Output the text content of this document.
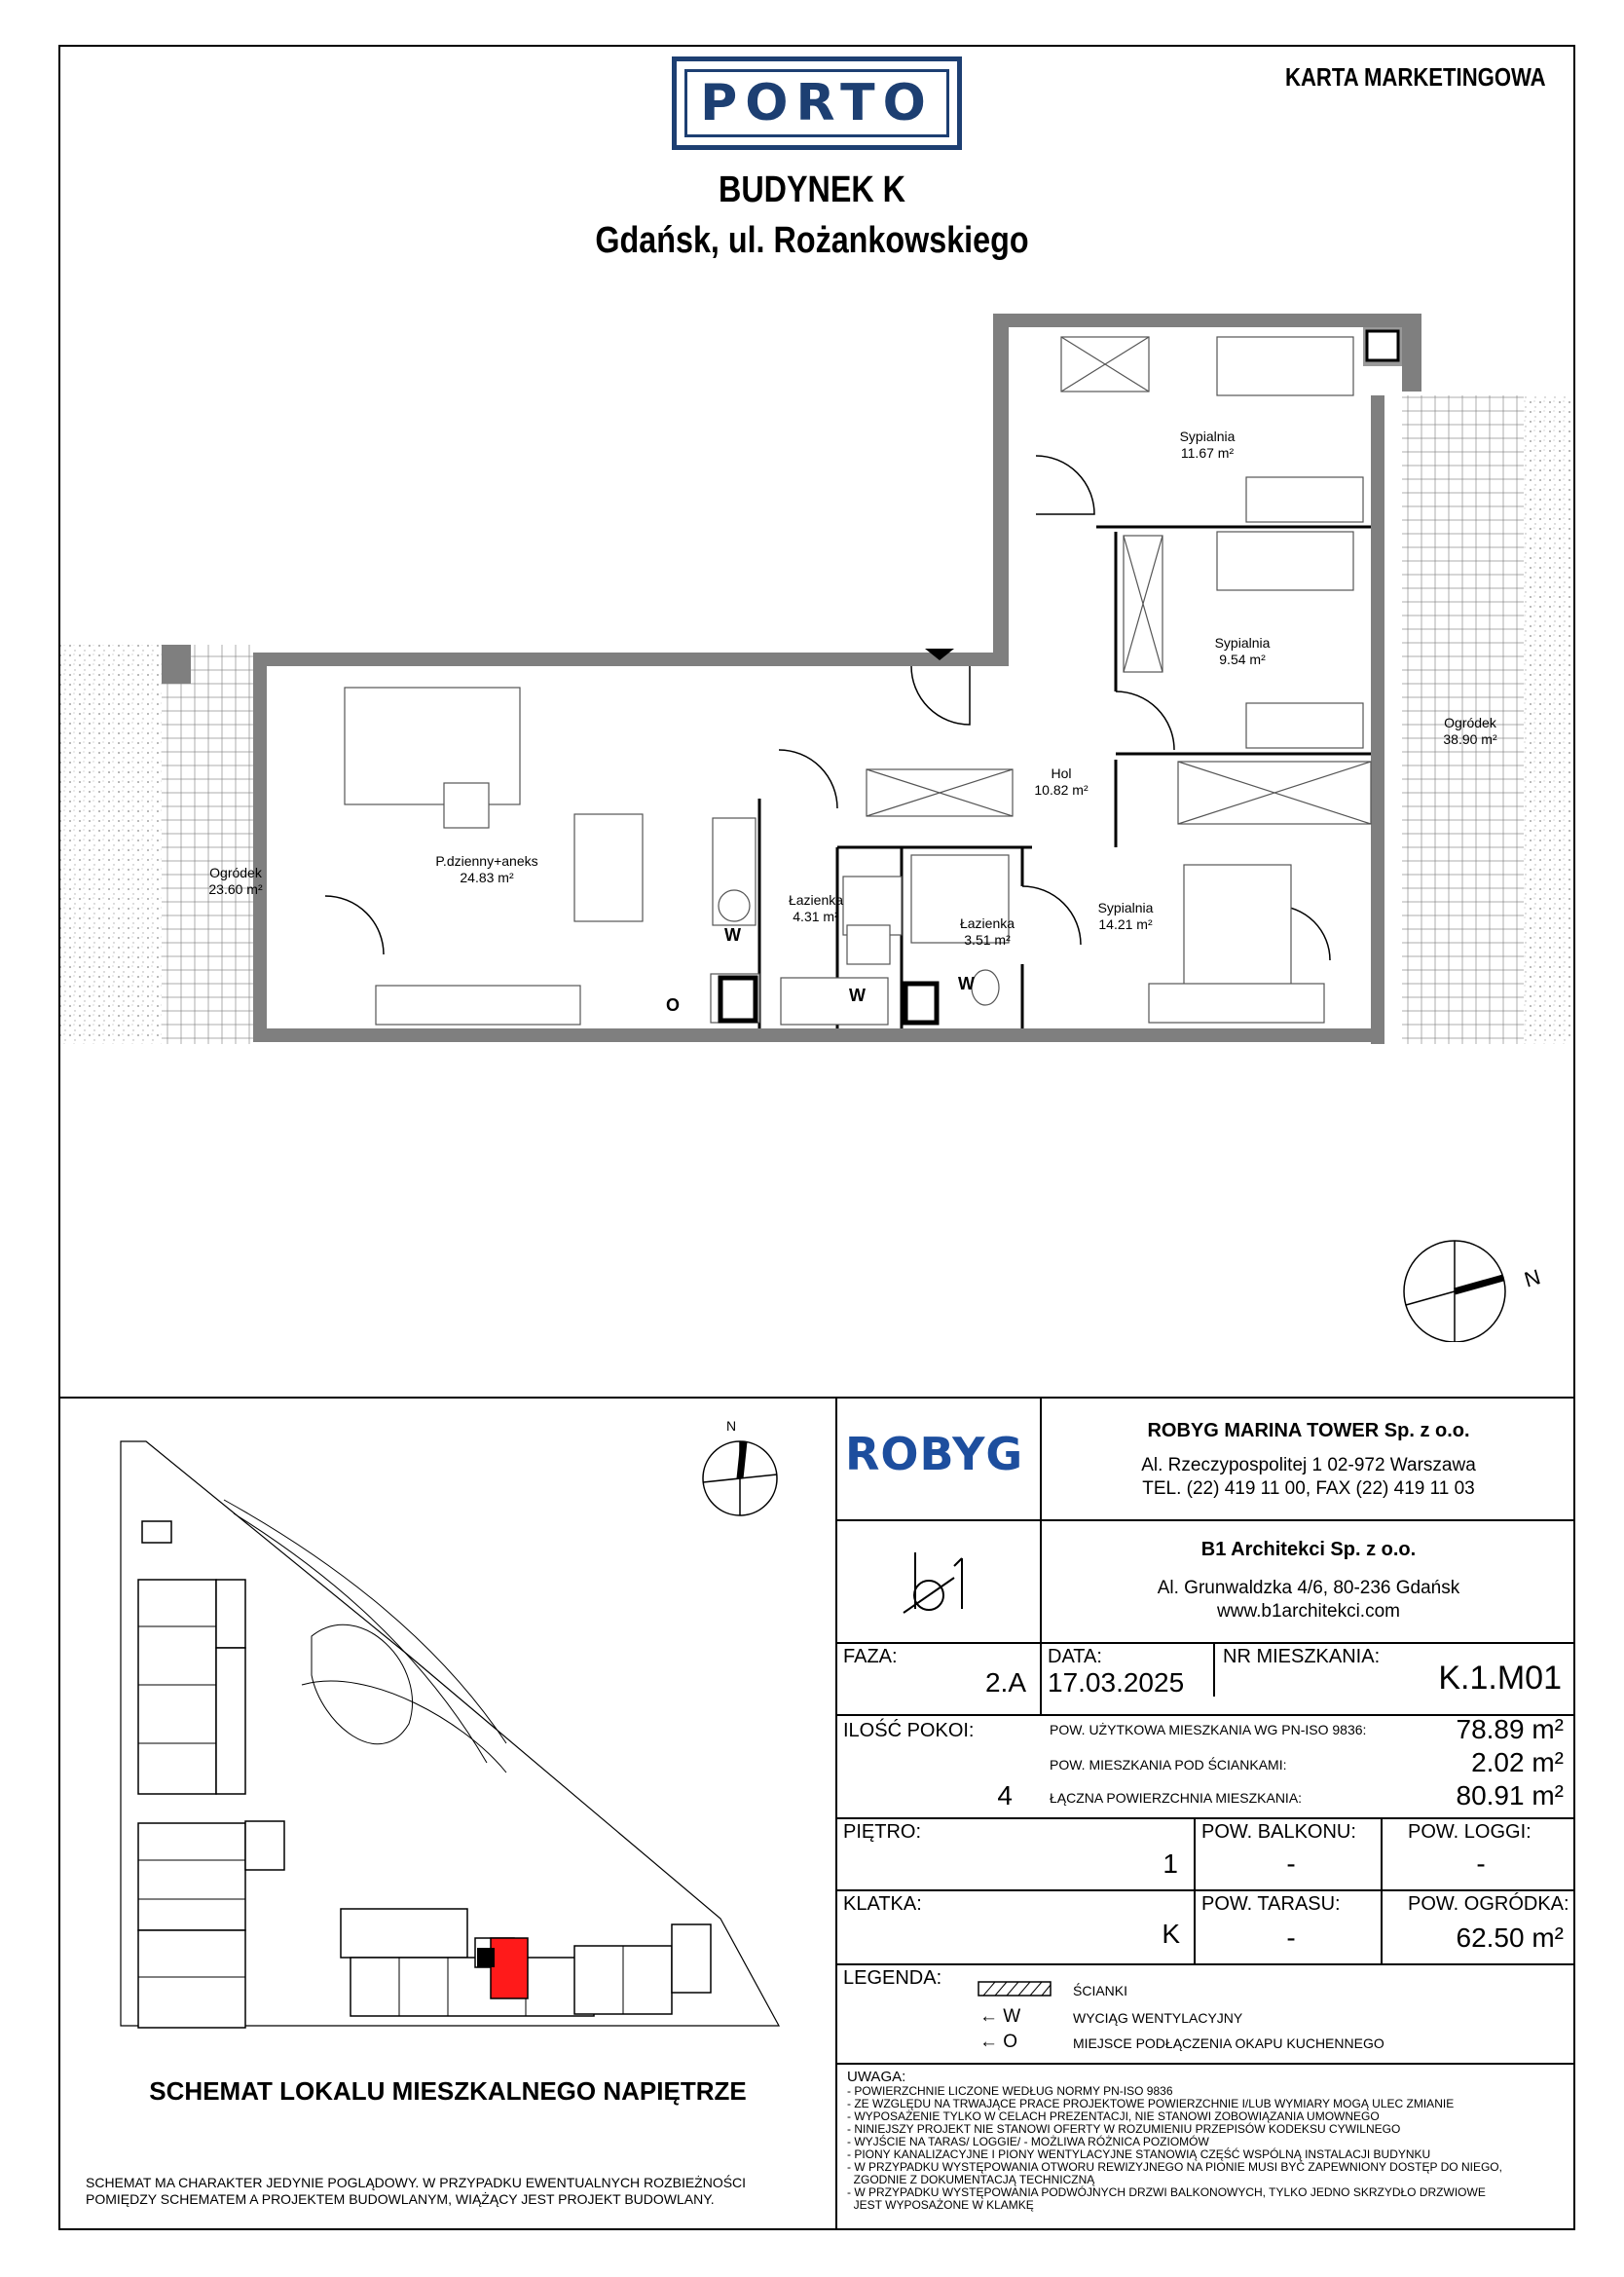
PORTO	KARTA MARKETINGOWA
BUDYNEK K
Gdańsk, ul. Rożankowskiego
Sypialnia
11.67 m²
Sypialnia
9.54 m²
Hol
10.82 m²
P.dzienny+aneks
24.83 m²
Łazienka
4.31 m²	Łazienka
3.51 m²
Sypialnia
14.21 m²
Ogródek
23.60 m²
Ogródek
38.90 m²
W
W
W
O
N
N
SCHEMAT LOKALU MIESZKALNEGO NAPIĘTRZE
SCHEMAT MA CHARAKTER JEDYNIE POGLĄDOWY. W PRZYPADKU EWENTUALNYCH ROZBIEŻNOŚCI
POMIĘDZY SCHEMATEM A PROJEKTEM BUDOWLANYM, WIĄŻĄCY JEST PROJEKT BUDOWLANY.
ROBYG	ROBYG MARINA TOWER Sp. z o.o.
Al. Rzeczypospolitej 1 02-972 Warszawa
TEL. (22) 419 11 00, FAX (22) 419 11 03
B1 Architekci Sp. z o.o.
Al. Grunwaldzka 4/6, 80-236 Gdańsk
www.b1architekci.com
FAZA:
2.A
DATA:
17.03.2025
NR MIESZKANIA:
K.1.M01
ILOŚĆ POKOI:
4
POW. UŻYTKOWA MIESZKANIA WG PN-ISO 9836:	78.89 m²
POW. MIESZKANIA POD ŚCIANKAMI:	2.02 m²
ŁĄCZNA POWIERZCHNIA MIESZKANIA:	80.91 m²
PIĘTRO:
1
POW. BALKONU:
-
POW. LOGGI:
-
KLATKA:
K
POW. TARASU:
-
POW. OGRÓDKA:
62.50 m²
LEGENDA:
ŚCIANKI
← W	WYCIĄG WENTYLACYJNY
← O	MIEJSCE PODŁĄCZENIA OKAPU KUCHENNEGO
UWAGA:
- POWIERZCHNIE LICZONE WEDŁUG NORMY PN-ISO 9836
- ZE WZGLĘDU NA TRWAJĄCE PRACE PROJEKTOWE POWIERZCHNIE I/LUB WYMIARY MOGĄ ULEC ZMIANIE
- WYPOSAŻENIE TYLKO W CELACH PREZENTACJI, NIE STANOWI ZOBOWIĄZANIA UMOWNEGO
- NINIEJSZY PROJEKT NIE STANOWI OFERTY W ROZUMIENIU PRZEPISÓW KODEKSU CYWILNEGO
- WYJŚCIE NA TARAS/ LOGGIE/ - MOŻLIWA RÓŻNICA POZIOMÓW
- PIONY KANALIZACYJNE I PIONY WENTYLACYJNE STANOWIĄ CZĘŚĆ WSPÓLNĄ INSTALACJI BUDYNKU
- W PRZYPADKU WYSTĘPOWANIA OTWORU REWIZYJNEGO NA PIONIE MUSI BYĆ ZAPEWNIONY DOSTĘP DO NIEGO,
ZGODNIE Z DOKUMENTACJĄ TECHNICZNĄ
- W PRZYPADKU WYSTĘPOWANIA PODWÓJNYCH DRZWI BALKONOWYCH, TYLKO JEDNO SKRZYDŁO DRZWIOWE
JEST WYPOSAŻONE W KLAMKĘ
